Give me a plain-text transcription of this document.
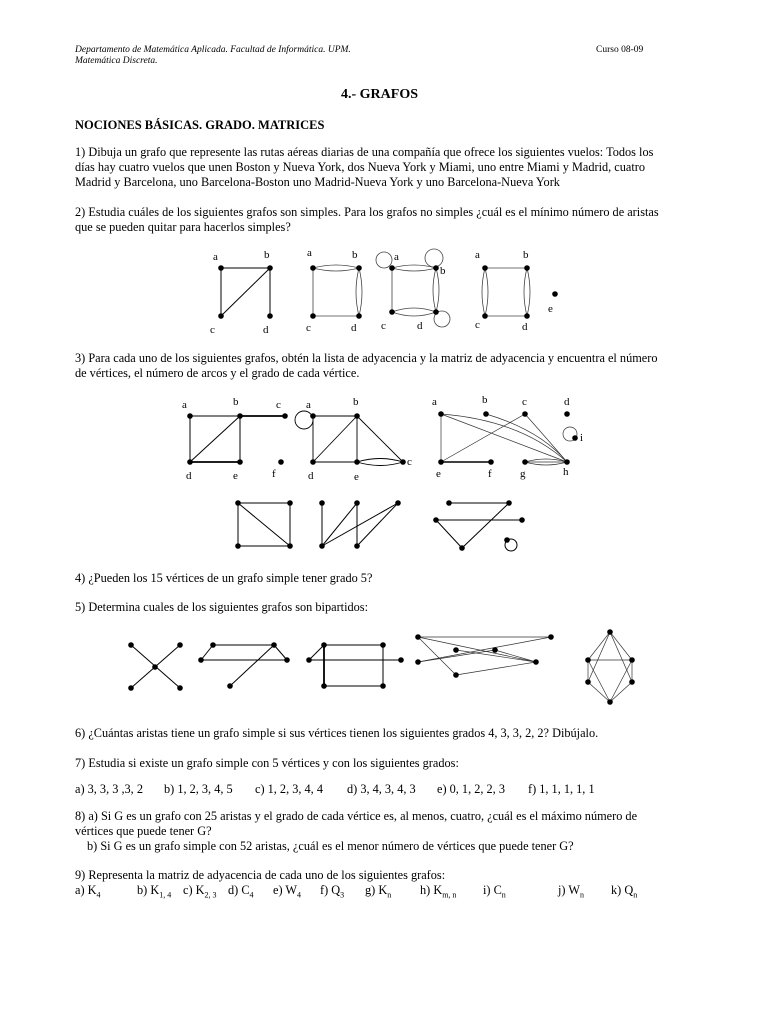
Departamento de Matemática Aplicada. Facultad de Informática. UPM.
Matemática Discreta.
Curso 08-09
4.- GRAFOS
NOCIONES BÁSICAS. GRADO. MATRICES
1) Dibuja un grafo que represente las rutas aéreas diarias de una compañía que ofrece los siguientes vuelos: Todos los
días hay cuatro vuelos que unen Boston y Nueva York, dos Nueva York y Miami, uno entre Miami y Madrid, cuatro
Madrid y Barcelona, uno Barcelona-Boston uno Madrid-Nueva York y uno Barcelona-Nueva York
2) Estudia cuáles de los siguientes grafos son simples. Para los grafos no simples ¿cuál es el mínimo número de aristas
que se pueden quitar para hacerlos simples?
3) Para cada uno de los siguientes grafos, obtén la lista de adyacencia y la matriz de adyacencia y encuentra el número
de vértices, el número de arcos y el grado de cada vértice.
4) ¿Pueden los 15 vértices de un grafo simple tener grado 5?
5) Determina cuales de los siguientes grafos son bipartidos:
6) ¿Cuántas aristas tiene un grafo simple si sus vértices tienen los siguientes grados 4, 3, 3, 2, 2? Dibújalo.
7) Estudia si existe un grafo simple con 5 vértices y con los siguientes grados:
a) 3, 3, 3 ,3, 2 b) 1, 2, 3, 4, 5 c) 1, 2, 3, 4, 4 d) 3, 4, 3, 4, 3 e) 0, 1, 2, 2, 3 f) 1, 1, 1, 1, 1
8) a) Si G es un grafo con 25 aristas y el grado de cada vértice es, al menos, cuatro, ¿cuál es el máximo número de
vértices que puede tener G?
b) Si G es un grafo simple con 52 aristas, ¿cuál es el menor número de vértices que puede tener G?
9) Representa la matriz de adyacencia de cada uno de los siguientes grafos:
a) $K_4$	b) $K_{1, 4}$ c) $K_{2, 3}$ d) $C_4$ e) $W_4$ f) $Q_3$ g) $K_n$ h) $K_{m, n}$ i) $C_n$	j) $W_n$ k) $Q_n$
a	b
c	d
a	b
c	d
a
b
c	d
a	b
c	d
e
a	b	c
d	e	f
a	b
c
d	e
a	b	c	d
i
e	f	g	h
